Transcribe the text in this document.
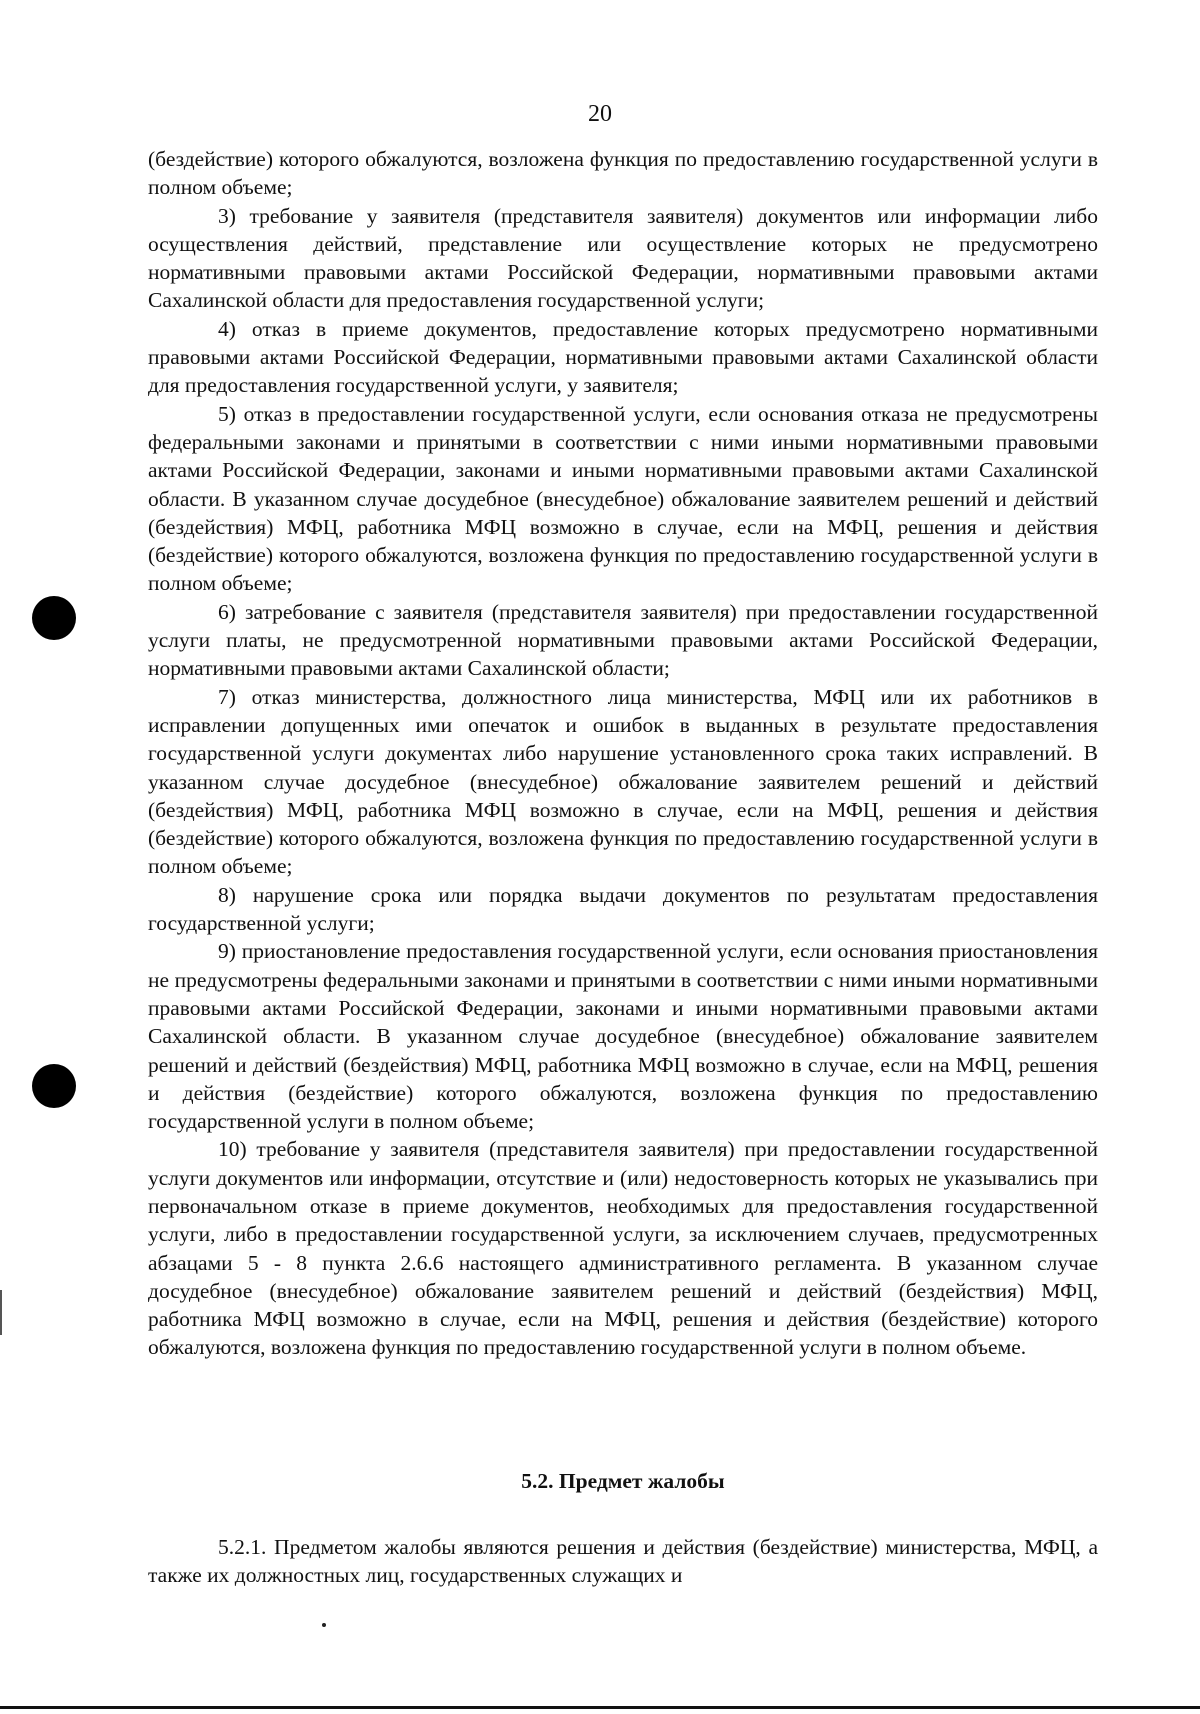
20

(бездействие) которого обжалуются, возложена функция по предоставлению государственной услуги в полном объеме;

3) требование у заявителя (представителя заявителя) документов или информации либо осуществления действий, представление или осуществление которых не предусмотрено нормативными правовыми актами Российской Федерации, нормативными правовыми актами Сахалинской области для предоставления государственной услуги;

4) отказ в приеме документов, предоставление которых предусмотрено нормативными правовыми актами Российской Федерации, нормативными правовыми актами Сахалинской области для предоставления государственной услуги, у заявителя;

5) отказ в предоставлении государственной услуги, если основания отказа не предусмотрены федеральными законами и принятыми в соответствии с ними иными нормативными правовыми актами Российской Федерации, законами и иными нормативными правовыми актами Сахалинской области. В указанном случае досудебное (внесудебное) обжалование заявителем решений и действий (бездействия) МФЦ, работника МФЦ возможно в случае, если на МФЦ, решения и действия (бездействие) которого обжалуются, возложена функция по предоставлению государственной услуги в полном объеме;

6) затребование с заявителя (представителя заявителя) при предоставлении государственной услуги платы, не предусмотренной нормативными правовыми актами Российской Федерации, нормативными правовыми актами Сахалинской области;

7) отказ министерства, должностного лица министерства, МФЦ или их работников в исправлении допущенных ими опечаток и ошибок в выданных в результате предоставления государственной услуги документах либо нарушение установленного срока таких исправлений. В указанном случае досудебное (внесудебное) обжалование заявителем решений и действий (бездействия) МФЦ, работника МФЦ возможно в случае, если на МФЦ, решения и действия (бездействие) которого обжалуются, возложена функция по предоставлению государственной услуги в полном объеме;

8) нарушение срока или порядка выдачи документов по результатам предоставления государственной услуги;

9) приостановление предоставления государственной услуги, если основания приостановления не предусмотрены федеральными законами и принятыми в соответствии с ними иными нормативными правовыми актами Российской Федерации, законами и иными нормативными правовыми актами Сахалинской области. В указанном случае досудебное (внесудебное) обжалование заявителем решений и действий (бездействия) МФЦ, работника МФЦ возможно в случае, если на МФЦ, решения и действия (бездействие) которого обжалуются, возложена функция по предоставлению государственной услуги в полном объеме;

10) требование у заявителя (представителя заявителя) при предоставлении государственной услуги документов или информации, отсутствие и (или) недостоверность которых не указывались при первоначальном отказе в приеме документов, необходимых для предоставления государственной услуги, либо в предоставлении государственной услуги, за исключением случаев, предусмотренных абзацами 5 - 8 пункта 2.6.6 настоящего административного регламента. В указанном случае досудебное (внесудебное) обжалование заявителем решений и действий (бездействия) МФЦ, работника МФЦ возможно в случае, если на МФЦ, решения и действия (бездействие) которого обжалуются, возложена функция по предоставлению государственной услуги в полном объеме.

5.2. Предмет жалобы

5.2.1. Предметом жалобы являются решения и действия (бездействие) министерства, МФЦ, а также их должностных лиц, государственных служащих и
